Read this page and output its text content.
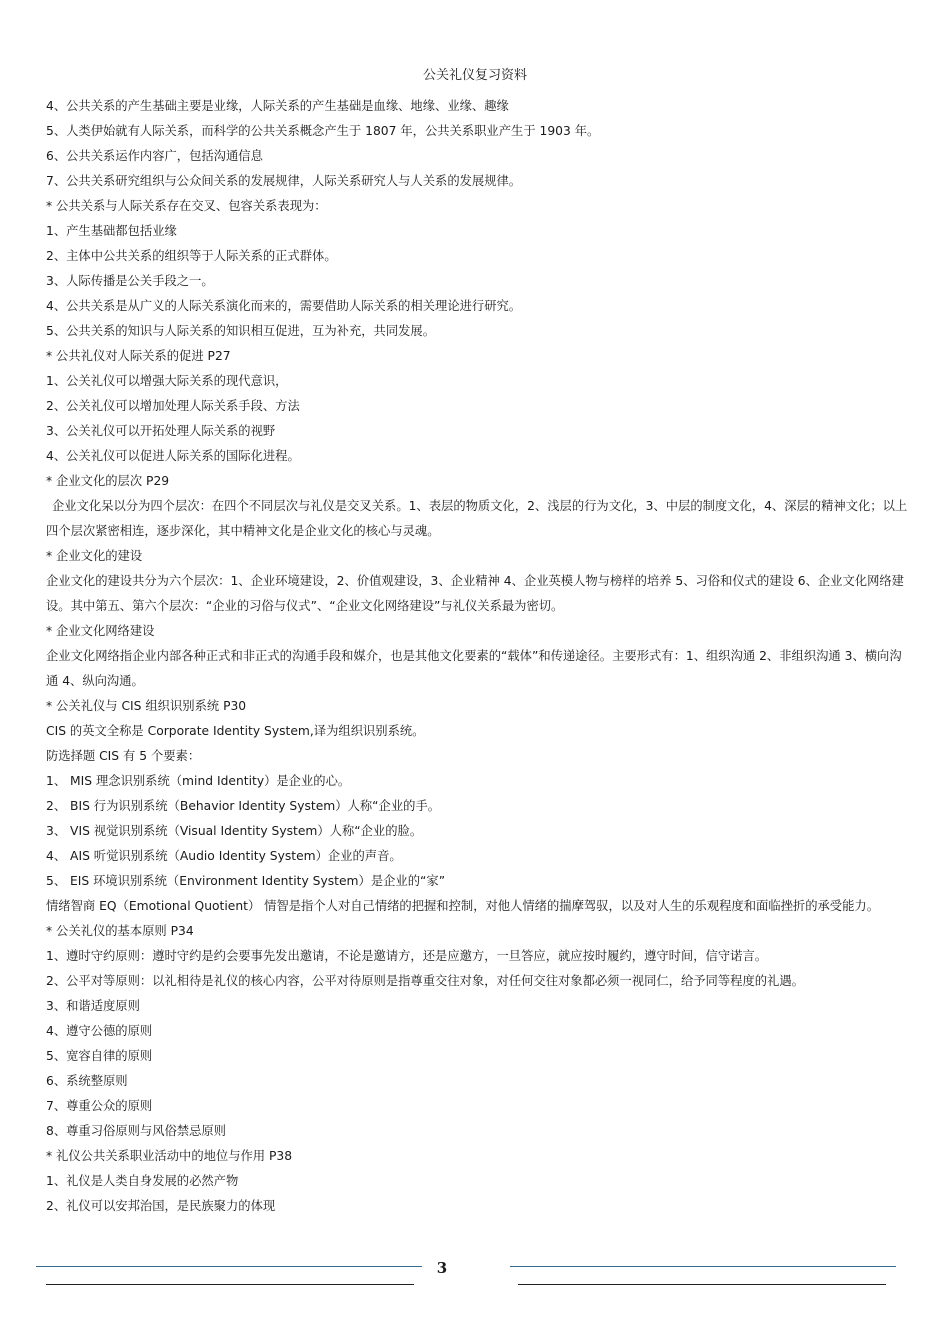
公关礼仪复习资料
4、公共关系的产生基础主要是业缘，人际关系的产生基础是血缘、地缘、业缘、趣缘
5、人类伊始就有人际关系，而科学的公共关系概念产生于 1807 年，公共关系职业产生于 1903 年。
6、公共关系运作内容广，包括沟通信息
7、公共关系研究组织与公众间关系的发展规律，人际关系研究人与人关系的发展规律。
* 公共关系与人际关系存在交叉、包容关系表现为：
1、产生基础都包括业缘
2、主体中公共关系的组织等于人际关系的正式群体。
3、人际传播是公关手段之一。
4、公共关系是从广义的人际关系演化而来的，需要借助人际关系的相关理论进行研究。
5、公共关系的知识与人际关系的知识相互促进，互为补充，共同发展。
* 公共礼仪对人际关系的促进 P27
1、公关礼仪可以增强大际关系的现代意识，
2、公关礼仪可以增加处理人际关系手段、方法
3、公关礼仪可以开拓处理人际关系的视野
4、公关礼仪可以促进人际关系的国际化进程。
* 企业文化的层次 P29
企业文化呆以分为四个层次：在四个不同层次与礼仪是交叉关系。1、表层的物质文化，2、浅层的行为文化，3、中层的制度文化，4、深层的精神文化；以上四个层次紧密相连，逐步深化，其中精神文化是企业文化的核心与灵魂。
* 企业文化的建设
企业文化的建设共分为六个层次：1、企业环境建设，2、价值观建设，3、企业精神 4、企业英模人物与榜样的培养 5、习俗和仪式的建设 6、企业文化网络建设。其中第五、第六个层次：“企业的习俗与仪式”、“企业文化网络建设”与礼仪关系最为密切。
* 企业文化网络建设
企业文化网络指企业内部各种正式和非正式的沟通手段和媒介，也是其他文化要素的“载体”和传递途径。主要形式有：1、组织沟通 2、非组织沟通 3、横向沟通 4、纵向沟通。
* 公关礼仪与 CIS 组织识别系统 P30
CIS 的英文全称是 Corporate Identity System,译为组织识别系统。
防选择题 CIS 有 5 个要素：
1、 MIS 理念识别系统（mind Identity）是企业的心。
2、 BIS 行为识别系统（Behavior Identity System）人称“企业的手。
3、 VIS 视觉识别系统（Visual Identity System）人称“企业的脸。
4、 AIS 听觉识别系统（Audio Identity System）企业的声音。
5、 EIS 环境识别系统（Environment Identity System）是企业的“家”
情绪智商 EQ（Emotional Quotient） 情智是指个人对自己情绪的把握和控制，对他人情绪的揣摩驾驭，以及对人生的乐观程度和面临挫折的承受能力。
* 公关礼仪的基本原则 P34
1、遵时守约原则：遵时守约是约会要事先发出邀请，不论是邀请方，还是应邀方，一旦答应，就应按时履约，遵守时间，信守诺言。
2、公平对等原则：以礼相待是礼仪的核心内容，公平对待原则是指尊重交往对象，对任何交往对象都必须一视同仁，给予同等程度的礼遇。
3、和谐适度原则
4、遵守公德的原则
5、宽容自律的原则
6、系统整原则
7、尊重公众的原则
8、尊重习俗原则与风俗禁忌原则
* 礼仪公共关系职业活动中的地位与作用 P38
1、礼仪是人类自身发展的必然产物
2、礼仪可以安邦治国，是民族聚力的体现
3
